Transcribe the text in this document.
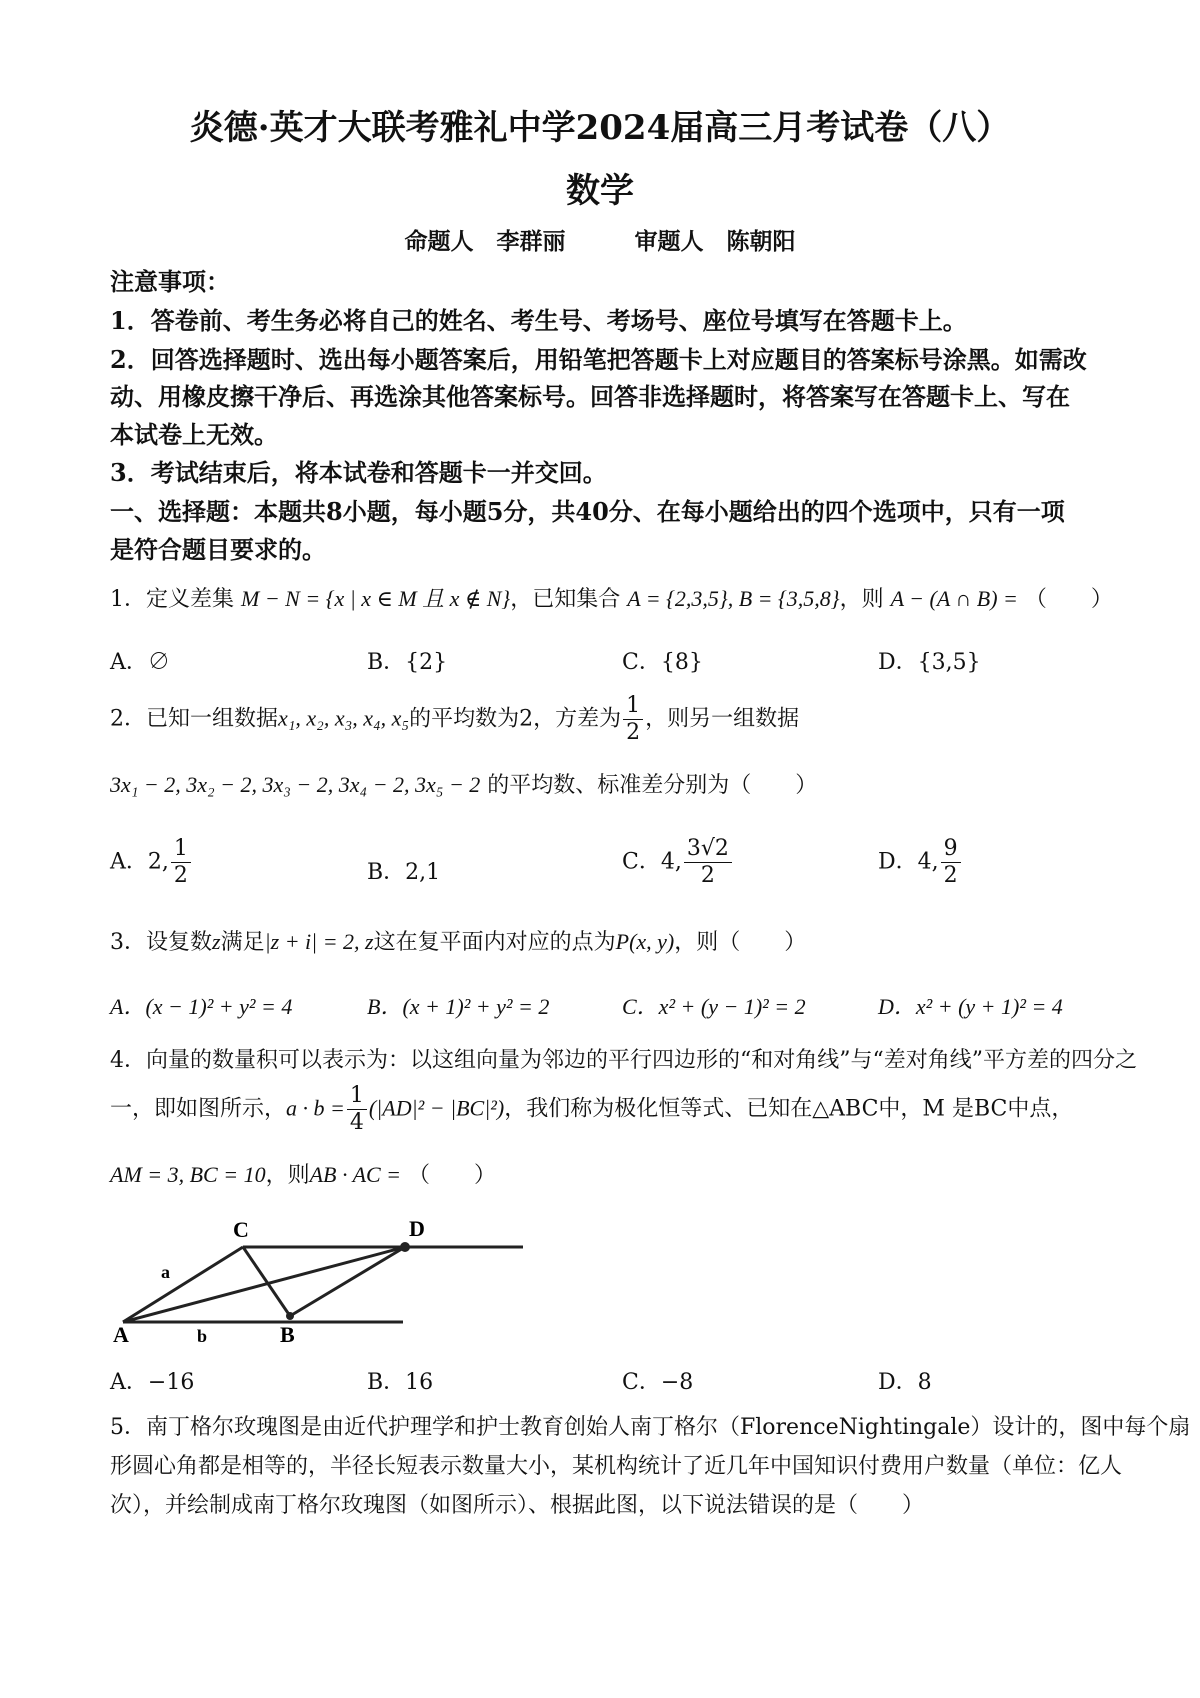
炎德·英才大联考雅礼中学2024届高三月考试卷（八）
数学
命题人　李群丽　　　审题人　陈朝阳
注意事项：
1．答卷前、考生务必将自己的姓名、考生号、考场号、座位号填写在答题卡上。
2．回答选择题时、选出每小题答案后，用铅笔把答题卡上对应题目的答案标号涂黑。如需改
动、用橡皮擦干净后、再选涂其他答案标号。回答非选择题时，将答案写在答题卡上、写在
本试卷上无效。
3．考试结束后，将本试卷和答题卡一并交回。
一、选择题：本题共8小题，每小题5分，共40分、在每小题给出的四个选项中，只有一项
是符合题目要求的。
1．定义差集 M − N = {x | x ∈ M 且 x ∉ N}，已知集合 A = {2,3,5}, B = {3,5,8}，则 A − (A ∩ B) = （　　）
A．∅	B．{2}	C．{8}	D．{3,5}
2．已知一组数据x₁, x₂, x₃, x₄, x₅的平均数为2，方差为 $\frac{1}{2}$ ，则另一组数据
3x₁ − 2, 3x₂ − 2, 3x₃ − 2, 3x₄ − 2, 3x₅ − 2 的平均数、标准差分别为（　　）
A．2, $\frac{1}{2}$	B．2,1	C．4, $\frac{3√2}{2}$	D．4, $\frac{9}{2}$
3．设复数z满足|z + i| = 2, z这在复平面内对应的点为P(x, y)，则（　　）
A．(x − 1)² + y² = 4	B．(x + 1)² + y² = 2	C．x² + (y − 1)² = 2	D．x² + (y + 1)² = 4
4．向量的数量积可以表示为：以这组向量为邻边的平行四边形的“和对角线”与“差对角线”平方差的四分之
一，即如图所示，$a \cdot b = \frac{1}{4} (|AD|^2 - |BC|^2)$，我们称为极化恒等式、已知在△ABC中，M 是BC中点，
AM = 3, BC = 10，则AB · AC = （　　）
C	D
A	B
a
b
A．−16	B．16	C．−8	D．8
5．南丁格尔玫瑰图是由近代护理学和护士教育创始人南丁格尔（FlorenceNightingale）设计的，图中每个扇
形圆心角都是相等的，半径长短表示数量大小，某机构统计了近几年中国知识付费用户数量（单位：亿人
次），并绘制成南丁格尔玫瑰图（如图所示）、根据此图，以下说法错误的是（　　）
